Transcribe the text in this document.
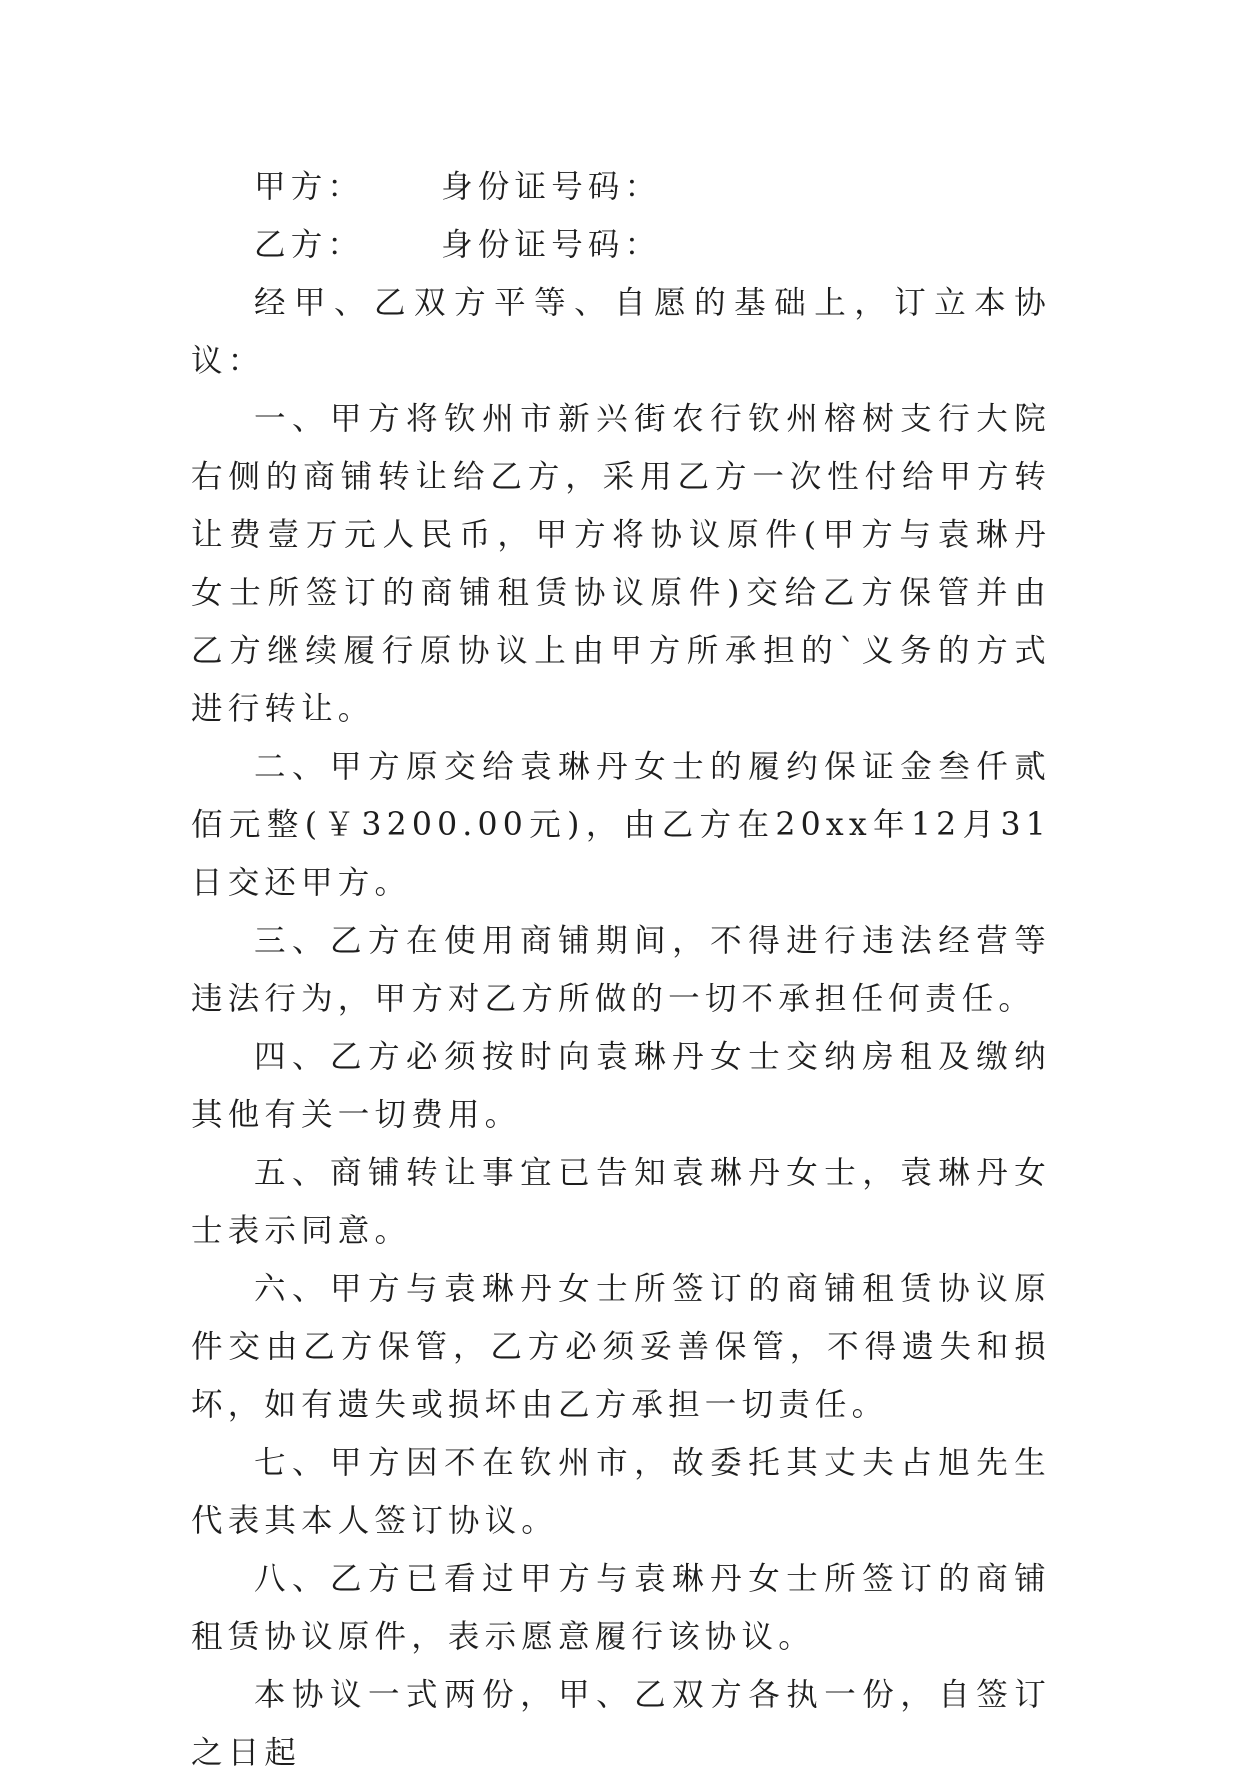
甲方： 身份证号码：

乙方： 身份证号码：

经甲、乙双方平等、自愿的基础上，订立本协议：

一、甲方将钦州市新兴街农行钦州榕树支行大院右侧的商铺转让给乙方，采用乙方一次性付给甲方转让费壹万元人民币，甲方将协议原件(甲方与袁琳丹女士所签订的商铺租赁协议原件)交给乙方保管并由乙方继续履行原协议上由甲方所承担的`义务的方式进行转让。

二、甲方原交给袁琳丹女士的履约保证金叁仟贰佰元整(￥3200.00元)，由乙方在20xx年12月31日交还甲方。

三、乙方在使用商铺期间，不得进行违法经营等违法行为，甲方对乙方所做的一切不承担任何责任。

四、乙方必须按时向袁琳丹女士交纳房租及缴纳其他有关一切费用。

五、商铺转让事宜已告知袁琳丹女士，袁琳丹女士表示同意。

六、甲方与袁琳丹女士所签订的商铺租赁协议原件交由乙方保管，乙方必须妥善保管，不得遗失和损坏，如有遗失或损坏由乙方承担一切责任。

七、甲方因不在钦州市，故委托其丈夫占旭先生代表其本人签订协议。

八、乙方已看过甲方与袁琳丹女士所签订的商铺租赁协议原件，表示愿意履行该协议。

本协议一式两份，甲、乙双方各执一份，自签订之日起
